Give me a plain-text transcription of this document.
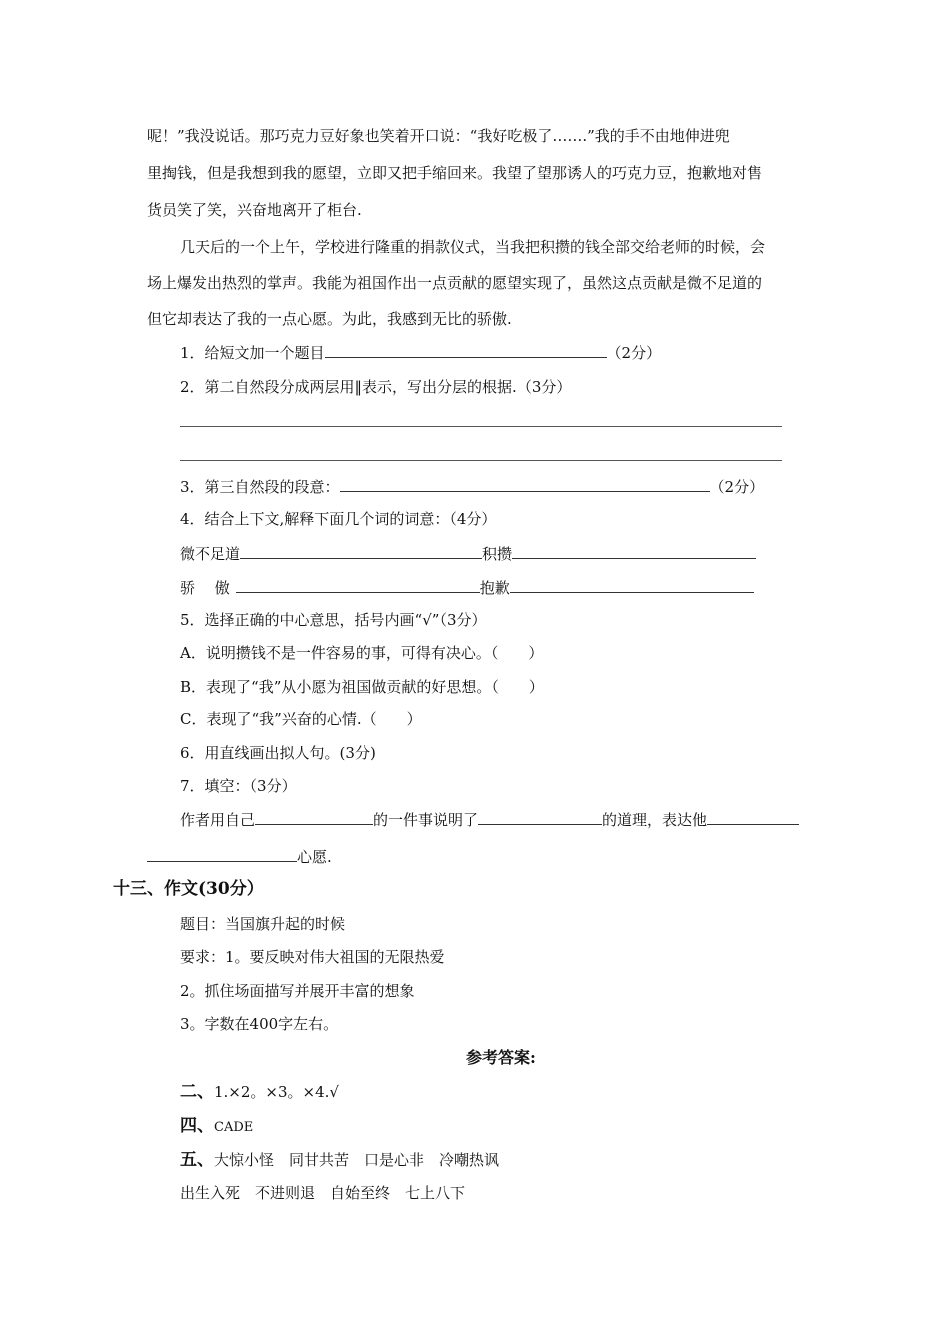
呢！”我没说话。那巧克力豆好象也笑着开口说：“我好吃极了…….”我的手不由地伸进兜
里掏钱，但是我想到我的愿望，立即又把手缩回来。我望了望那诱人的巧克力豆，抱歉地对售
货员笑了笑，兴奋地离开了柜台.
几天后的一个上午，学校进行隆重的捐款仪式，当我把积攒的钱全部交给老师的时候，会
场上爆发出热烈的掌声。我能为祖国作出一点贡献的愿望实现了，虽然这点贡献是微不足道的
但它却表达了我的一点心愿。为此，我感到无比的骄傲.
1．给短文加一个题目	（2分）
2．第二自然段分成两层用‖表示，写出分层的根据.（3分）
3．第三自然段的段意：	（2分）
4．结合上下文,解释下面几个词的词意：（4分）
微不足道	积攒
骄　 傲	抱歉
5．选择正确的中心意思，括号内画“√”（3分）
A．说明攒钱不是一件容易的事，可得有决心。（　　）
B．表现了“我”从小愿为祖国做贡献的好思想。（　　）
C．表现了“我”兴奋的心情.（　　）
6．用直线画出拟人句。(3分)
7．填空：（3分）
作者用自己	的一件事说明了	的道理，表达他
心愿.
十三、作文(30分）
题目：当国旗升起的时候
要求：1。要反映对伟大祖国的无限热爱
2。抓住场面描写并展开丰富的想象
3。字数在400字左右。
参考答案:
二、1.×2。×3。×4.√
四、CADE
五、大惊小怪　同甘共苦　口是心非　冷嘲热讽
出生入死　不进则退　自始至终　七上八下
